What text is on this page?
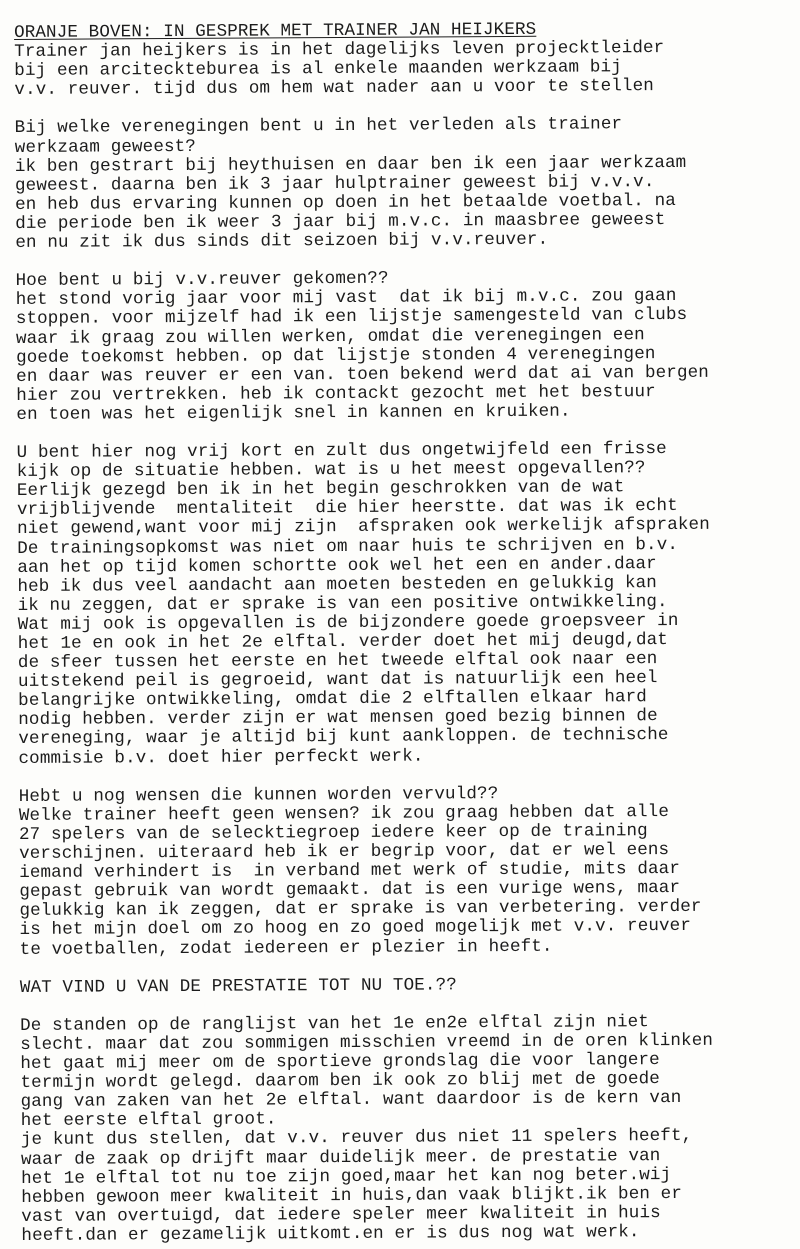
ORANJE BOVEN: IN GESPREK MET TRAINER JAN HEIJKERS
Trainer jan heijkers is in het dagelijks leven projecktleider
bij een arciteckteburea is al enkele maanden werkzaam bij
v.v. reuver. tijd dus om hem wat nader aan u voor te stellen
Bij welke verenegingen bent u in het verleden als trainer
werkzaam geweest?
ik ben gestrart bij heythuisen en daar ben ik een jaar werkzaam
geweest. daarna ben ik 3 jaar hulptrainer geweest bij v.v.v.
en heb dus ervaring kunnen op doen in het betaalde voetbal. na
die periode ben ik weer 3 jaar bij m.v.c. in maasbree geweest
en nu zit ik dus sinds dit seizoen bij v.v.reuver.
Hoe bent u bij v.v.reuver gekomen??
het stond vorig jaar voor mij vast  dat ik bij m.v.c. zou gaan
stoppen. voor mijzelf had ik een lijstje samengesteld van clubs
waar ik graag zou willen werken, omdat die verenegingen een
goede toekomst hebben. op dat lijstje stonden 4 verenegingen
en daar was reuver er een van. toen bekend werd dat ai van bergen
hier zou vertrekken. heb ik contackt gezocht met het bestuur
en toen was het eigenlijk snel in kannen en kruiken.
U bent hier nog vrij kort en zult dus ongetwijfeld een frisse
kijk op de situatie hebben. wat is u het meest opgevallen??
Eerlijk gezegd ben ik in het begin geschrokken van de wat
vrijblijvende  mentaliteit  die hier heerstte. dat was ik echt
niet gewend,want voor mij zijn  afspraken ook werkelijk afspraken
De trainingsopkomst was niet om naar huis te schrijven en b.v.
aan het op tijd komen schortte ook wel het een en ander.daar
heb ik dus veel aandacht aan moeten besteden en gelukkig kan
ik nu zeggen, dat er sprake is van een positive ontwikkeling.
Wat mij ook is opgevallen is de bijzondere goede groepsveer in
het 1e en ook in het 2e elftal. verder doet het mij deugd,dat
de sfeer tussen het eerste en het tweede elftal ook naar een
uitstekend peil is gegroeid, want dat is natuurlijk een heel
belangrijke ontwikkeling, omdat die 2 elftallen elkaar hard
nodig hebben. verder zijn er wat mensen goed bezig binnen de
vereneging, waar je altijd bij kunt aankloppen. de technische
commisie b.v. doet hier perfeckt werk.
Hebt u nog wensen die kunnen worden vervuld??
Welke trainer heeft geen wensen? ik zou graag hebben dat alle
27 spelers van de selecktiegroep iedere keer op de training
verschijnen. uiteraard heb ik er begrip voor, dat er wel eens
iemand verhindert is  in verband met werk of studie, mits daar
gepast gebruik van wordt gemaakt. dat is een vurige wens, maar
gelukkig kan ik zeggen, dat er sprake is van verbetering. verder
is het mijn doel om zo hoog en zo goed mogelijk met v.v. reuver
te voetballen, zodat iedereen er plezier in heeft.
WAT VIND U VAN DE PRESTATIE TOT NU TOE.??
De standen op de ranglijst van het 1e en2e elftal zijn niet
slecht. maar dat zou sommigen misschien vreemd in de oren klinken
het gaat mij meer om de sportieve grondslag die voor langere
termijn wordt gelegd. daarom ben ik ook zo blij met de goede
gang van zaken van het 2e elftal. want daardoor is de kern van
het eerste elftal groot.
je kunt dus stellen, dat v.v. reuver dus niet 11 spelers heeft,
waar de zaak op drijft maar duidelijk meer. de prestatie van
het 1e elftal tot nu toe zijn goed,maar het kan nog beter.wij
hebben gewoon meer kwaliteit in huis,dan vaak blijkt.ik ben er
vast van overtuigd, dat iedere speler meer kwaliteit in huis
heeft.dan er gezamelijk uitkomt.en er is dus nog wat werk.
